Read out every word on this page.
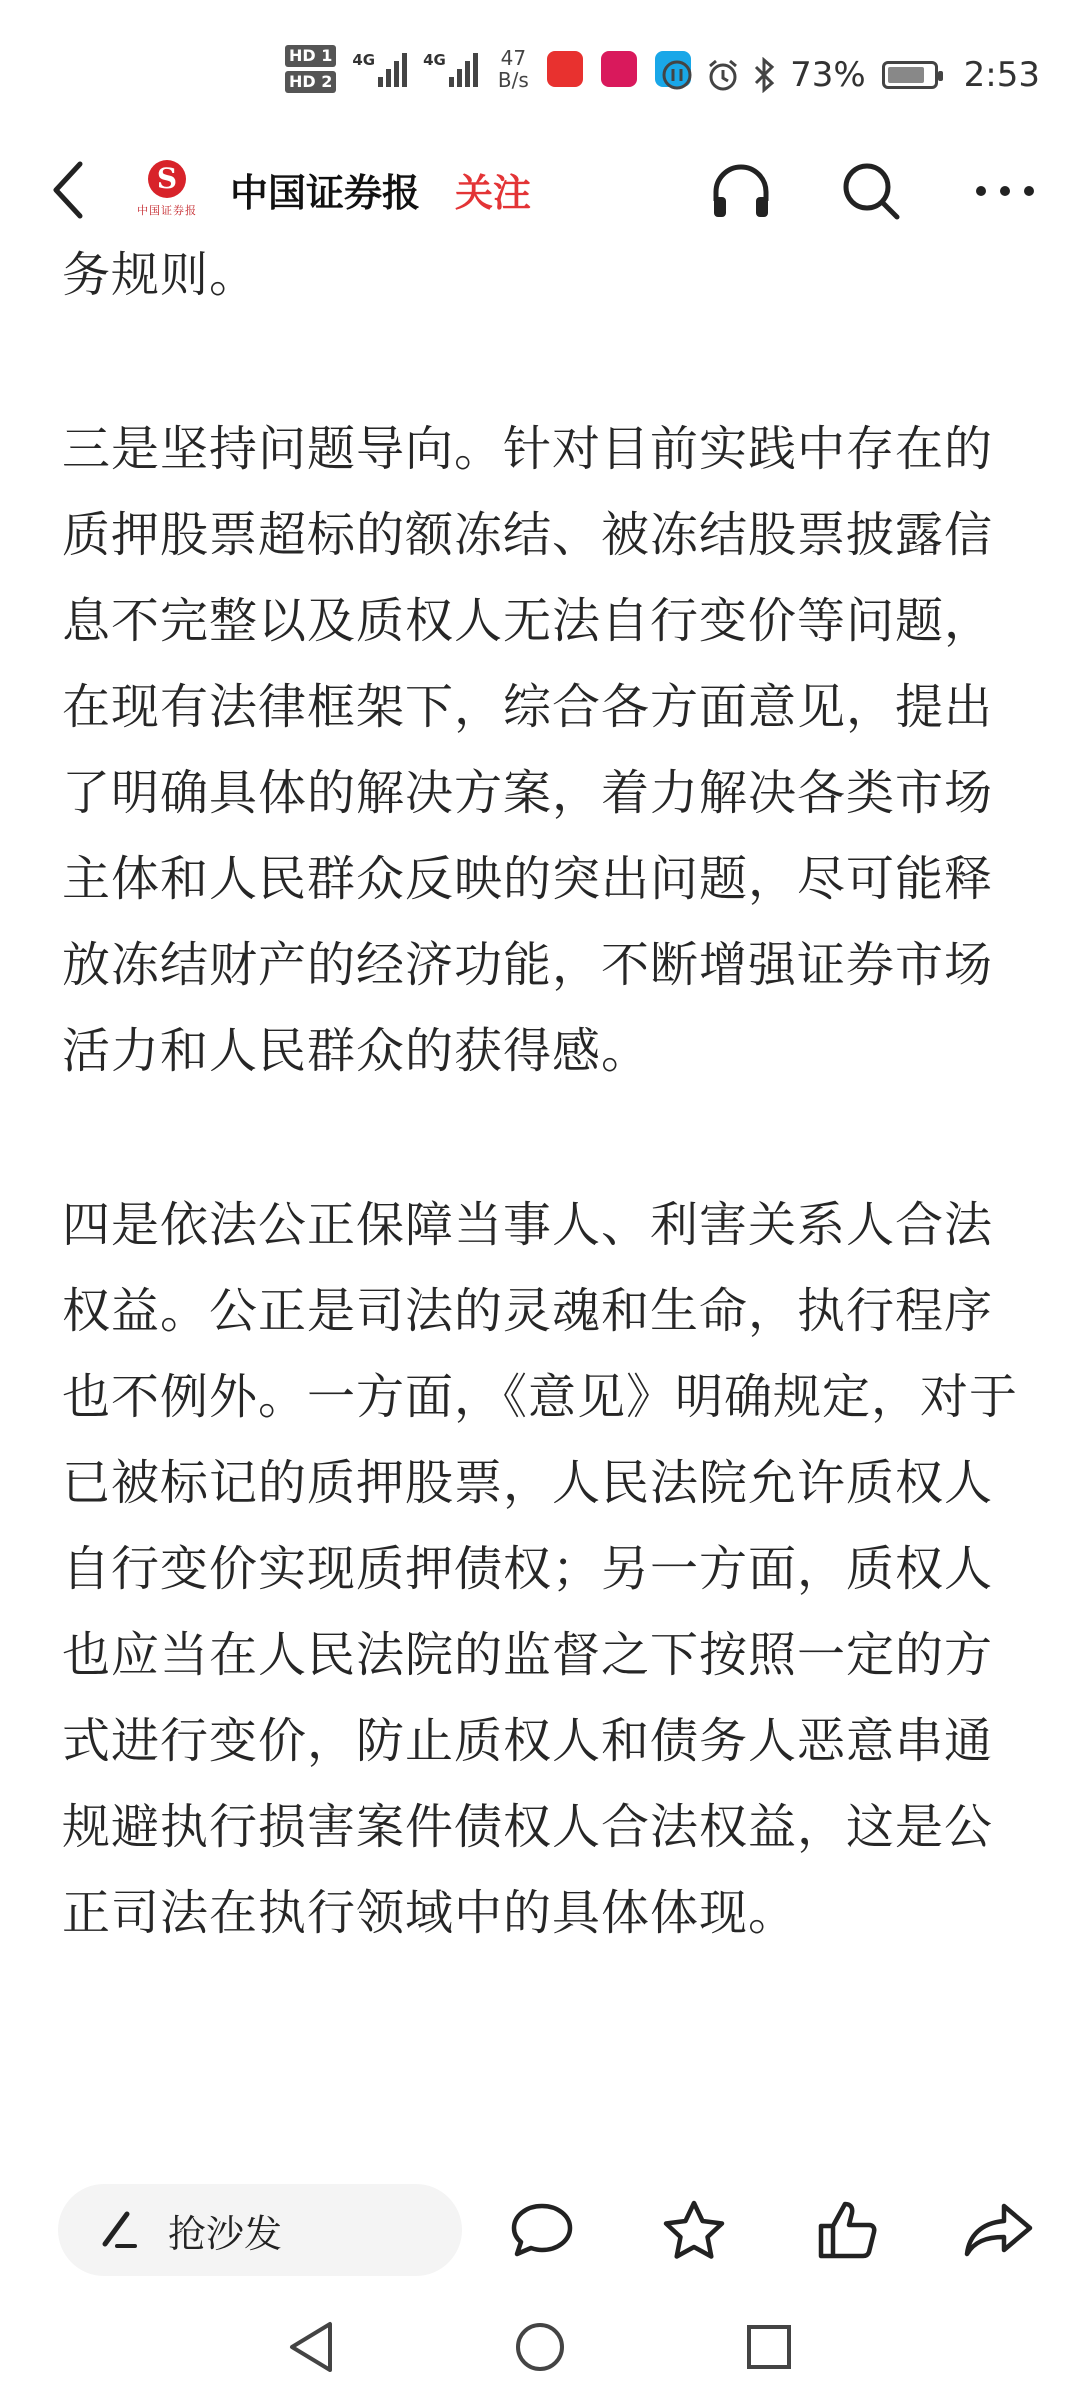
HD 1
HD 2
4G	4G	47
B/s	73%	2:53
S
中国证券报 中国证券报 关注

务规则。

三是坚持问题导向。针对目前实践中存在的质押股票超标的额冻结、被冻结股票披露信息不完整以及质权人无法自行变价等问题，在现有法律框架下，综合各方面意见，提出了明确具体的解决方案，着力解决各类市场主体和人民群众反映的突出问题，尽可能释放冻结财产的经济功能，不断增强证券市场活力和人民群众的获得感。

四是依法公正保障当事人、利害关系人合法权益。公正是司法的灵魂和生命，执行程序也不例外。一方面，《意见》明确规定，对于已被标记的质押股票，人民法院允许质权人自行变价实现质押债权；另一方面，质权人也应当在人民法院的监督之下按照一定的方式进行变价，防止质权人和债务人恶意串通规避执行损害案件债权人合法权益，这是公正司法在执行领域中的具体体现。

抢沙发
